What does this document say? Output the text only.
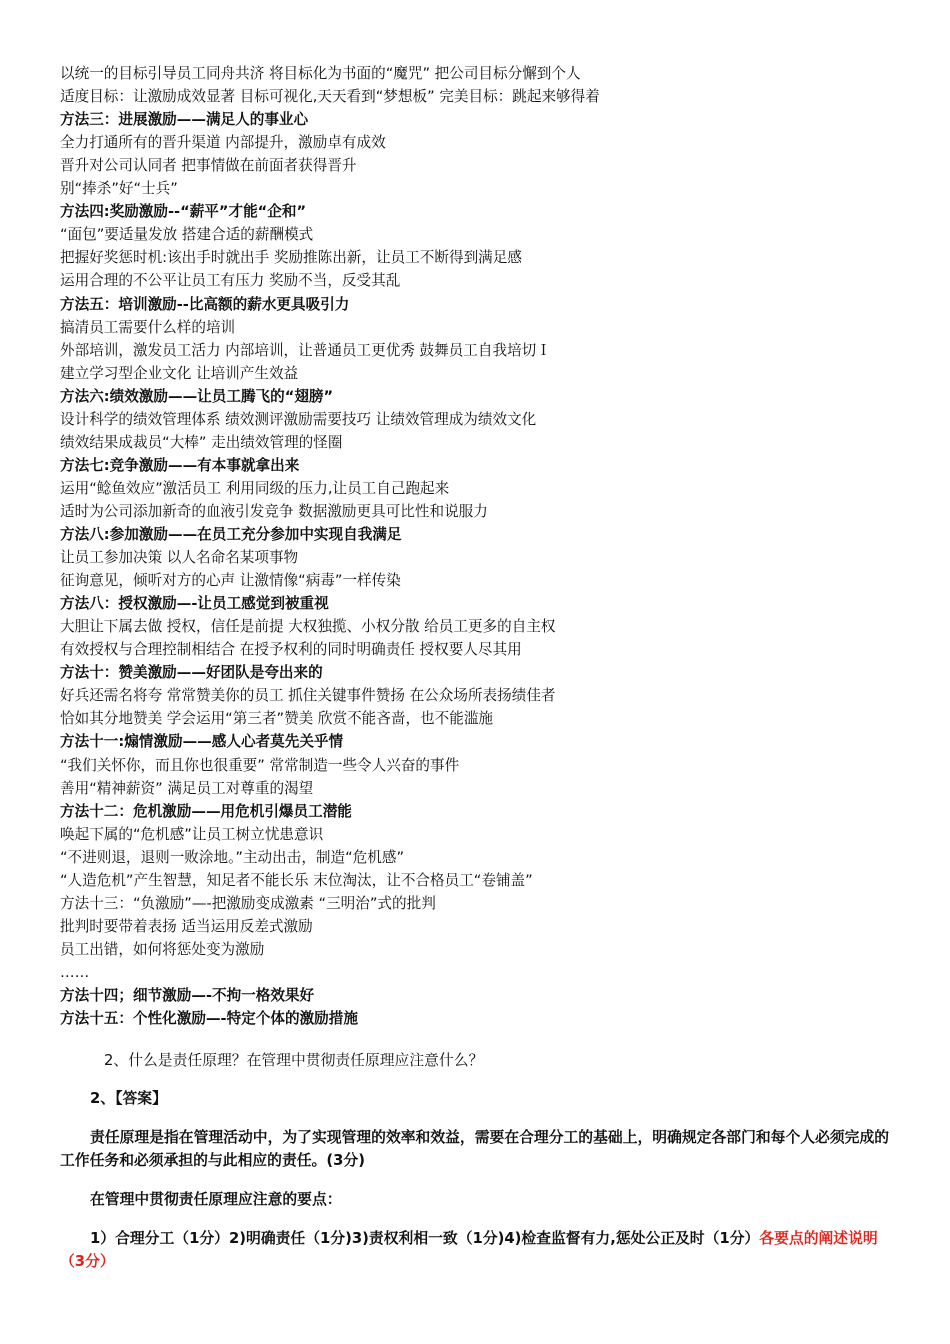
以统一的目标引导员工同舟共济 将目标化为书面的“魔咒” 把公司目标分懈到个人
适度目标：让激励成效显著 目标可视化,天天看到“梦想板” 完美目标：跳起来够得着
方法三：进展激励——满足人的事业心
全力打通所有的晋升渠道 内部提升，激励卓有成效
晋升对公司认同者 把事情做在前面者获得晋升
别“捧杀”好“士兵”
方法四:奖励激励--“薪平”才能“企和”
“面包”要适量发放 搭建合适的薪酬模式
把握好奖惩时机:该出手时就出手 奖励推陈出新，让员工不断得到满足感
运用合理的不公平让员工有压力 奖励不当，反受其乱
方法五：培训激励--比高额的薪水更具吸引力
搞清员工需要什么样的培训
外部培训，激发员工活力 内部培训，让普通员工更优秀 鼓舞员工自我培切Ｉ
建立学习型企业文化 让培训产生效益
方法六:绩效激励——让员工腾飞的“翅膀”
设计科学的绩效管理体系 绩效测评激励需要技巧 让绩效管理成为绩效文化
绩效结果成裁员“大棒” 走出绩效管理的怪圈
方法七:竞争激励——有本事就拿出来
运用“鲶鱼效应”激活员工 利用同级的压力,让员工自己跑起来
适时为公司添加新奇的血液引发竞争 数据激励更具可比性和说服力
方法八:参加激励——在员工充分参加中实现自我满足
让员工参加决策 以人名命名某项事物
征询意见，倾听对方的心声 让激情像“病毒”一样传染
方法八：授权激励—-让员工感觉到被重视
大胆让下属去做 授权，信任是前提 大权独揽、小权分散 给员工更多的自主权
有效授权与合理控制相结合 在授予权利的同时明确责任 授权要人尽其用
方法十：赞美激励——好团队是夸出来的
好兵还需名将夸 常常赞美你的员工 抓住关键事件赞扬 在公众场所表扬绩佳者
恰如其分地赞美 学会运用“第三者”赞美 欣赏不能吝啬，也不能滥施
方法十一:煽情激励——感人心者莫先关乎情
“我们关怀你，而且你也很重要” 常常制造一些令人兴奋的事件
善用“精神薪资” 满足员工对尊重的渴望
方法十二：危机激励——用危机引爆员工潜能
唤起下属的“危机感”让员工树立忧患意识
“不进则退，退则一败涂地。”主动出击，制造“危机感”
“人造危机”产生智慧，知足者不能长乐 末位淘汰，让不合格员工“卷铺盖”
方法十三：“负激励”—-把激励变成激素 “三明治”式的批判
批判时要带着表扬 适当运用反差式激励
员工出错，如何将惩处变为激励
……
方法十四；细节激励—-不拘一格效果好
方法十五：个性化激励—-特定个体的激励措施
2、什么是责任原理？在管理中贯彻责任原理应注意什么？
2、【答案】
责任原理是指在管理活动中，为了实现管理的效率和效益，需要在合理分工的基础上，明确规定各部门和每个人必须完成的工作任务和必须承担的与此相应的责任。(3分)
在管理中贯彻责任原理应注意的要点：
1）合理分工（1分）2)明确责任（1分)3)责权利相一致（1分)4)检查监督有力,惩处公正及时（1分）各要点的阐述说明（3分）
